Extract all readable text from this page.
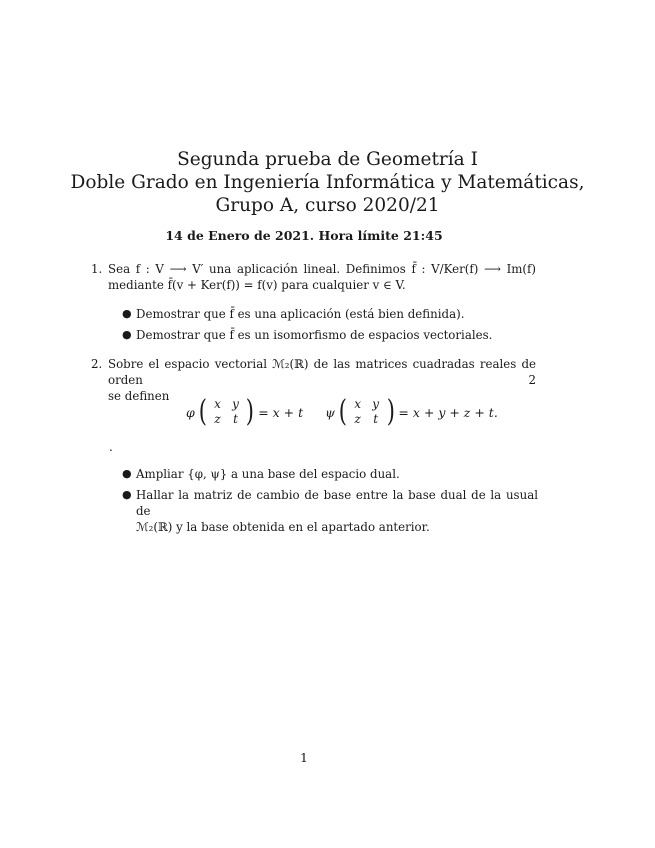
Segunda prueba de Geometría I
Doble Grado en Ingeniería Informática y Matemáticas,
Grupo A, curso 2020/21
14 de Enero de 2021. Hora límite 21:45
1. Sea f : V ⟶ V′ una aplicación lineal. Definimos f̄ : V/Ker(f) ⟶ Im(f)
mediante f̄(v + Ker(f)) = f(v) para cualquier v ∈ V.
● Demostrar que f̄ es una aplicación (está bien definida).
● Demostrar que f̄ es un isomorfismo de espacios vectoriales.
2. Sobre el espacio vectorial ℳ₂(ℝ) de las matrices cuadradas reales de orden 2
se definen
φ ( x y
z	t ) = x + t ψ ( x y
z	t ) = x + y + z + t.
.
● Ampliar {φ, ψ} a una base del espacio dual.
● Hallar la matriz de cambio de base entre la base dual de la usual de
ℳ₂(ℝ) y la base obtenida en el apartado anterior.
1
